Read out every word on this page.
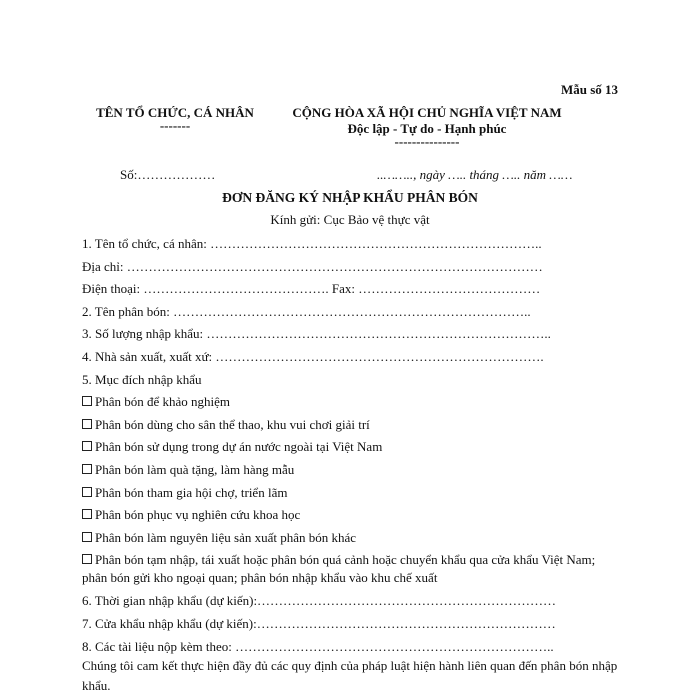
Mẫu số 13
TÊN TỔ CHỨC, CÁ NHÂN
-------
CỘNG HÒA XÃ HỘI CHỦ NGHĨA VIỆT NAM
Độc lập - Tự do - Hạnh phúc
---------------
Số:………………	..…….., ngày ….. tháng ….. năm ……
ĐƠN ĐĂNG KÝ NHẬP KHẨU PHÂN BÓN
Kính gửi: Cục Bảo vệ thực vật
1. Tên tổ chức, cá nhân: …………………………………………………………………..
Địa chỉ: ……………………………………………………………………………………
Điện thoại: ……………………………………. Fax: ……………………………………
2. Tên phân bón: ………………………………………………………………………..
3. Số lượng nhập khẩu: ……………………………………………………………………..
4. Nhà sản xuất, xuất xứ: ………………………………………………………………….
5. Mục đích nhập khẩu
Phân bón để khảo nghiệm
Phân bón dùng cho sân thể thao, khu vui chơi giải trí
Phân bón sử dụng trong dự án nước ngoài tại Việt Nam
Phân bón làm quà tặng, làm hàng mẫu
Phân bón tham gia hội chợ, triển lãm
Phân bón phục vụ nghiên cứu khoa học
Phân bón làm nguyên liệu sản xuất phân bón khác
Phân bón tạm nhập, tái xuất hoặc phân bón quá cảnh hoặc chuyển khẩu qua cửa khẩu Việt Nam; phân bón gửi kho ngoại quan; phân bón nhập khẩu vào khu chế xuất
6. Thời gian nhập khẩu (dự kiến):……………………………………………………………
7. Cửa khẩu nhập khẩu (dự kiến):……………………………………………………………
8. Các tài liệu nộp kèm theo: ………………………………………………………………..
Chúng tôi cam kết thực hiện đầy đủ các quy định của pháp luật hiện hành liên quan đến phân bón nhập khẩu.
